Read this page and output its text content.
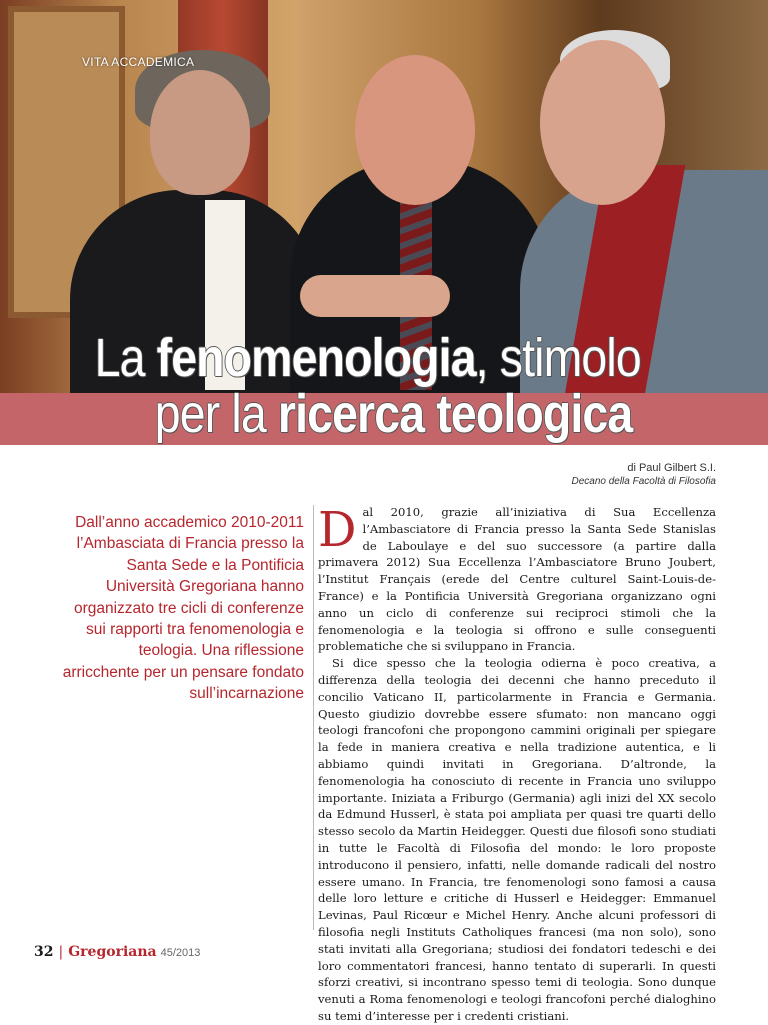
VITA ACCADEMICA
La fenomenologia, stimolo
per la ricerca teologica
di Paul Gilbert S.I.
Decano della Facoltà di Filosofia
Dall’anno accademico 2010-2011 l’Ambasciata di Francia presso la Santa Sede e la Pontificia Università Gregoriana hanno organizzato tre cicli di conferenze sui rapporti tra fenomenologia e teologia. Una riflessione arricchente per un pensare fondato sull’incarnazione

Dal 2010, grazie all’iniziativa di Sua Eccellenza l’Ambasciatore di Francia presso la Santa Sede Stanislas de Laboulaye e del suo successore (a partire dalla primavera 2012) Sua Eccellenza l’Ambasciatore Bruno Joubert, l’Institut Français (erede del Centre culturel Saint-Louis-de-France) e la Pontificia Università Gregoriana organizzano ogni anno un ciclo di conferenze sui reciproci stimoli che la fenomenologia e la teologia si offrono e sulle conseguenti problematiche che si sviluppano in Francia.

Si dice spesso che la teologia odierna è poco creativa, a differenza della teologia dei decenni che hanno preceduto il concilio Vaticano II, particolarmente in Francia e Germania. Questo giudizio dovrebbe essere sfumato: non mancano oggi teologi francofoni che propongono cammini originali per spiegare la fede in maniera creativa e nella tradizione autentica, e li abbiamo quindi invitati in Gregoriana. D’altronde, la fenomenologia ha conosciuto di recente in Francia uno sviluppo importante. Iniziata a Friburgo (Germania) agli inizi del XX secolo da Edmund Husserl, è stata poi ampliata per quasi tre quarti dello stesso secolo da Martin Heidegger. Questi due filosofi sono studiati in tutte le Facoltà di Filosofia del mondo: le loro proposte introducono il pensiero, infatti, nelle domande radicali del nostro essere umano. In Francia, tre fenomenologi sono famosi a causa delle loro letture e critiche di Husserl e Heidegger: Emmanuel Levinas, Paul Ricœur e Michel Henry. Anche alcuni professori di filosofia negli Instituts Catholiques francesi (ma non solo), sono stati invitati alla Gregoriana; studiosi dei fondatori tedeschi e dei loro commentatori francesi, hanno tentato di superarli. In questi sforzi creativi, si incontrano spesso temi di teologia. Sono dunque venuti a Roma fenomenologi e teologi francofoni perché dialoghino su temi d’interesse per i credenti cristiani.

32 | Gregoriana 45/2013
